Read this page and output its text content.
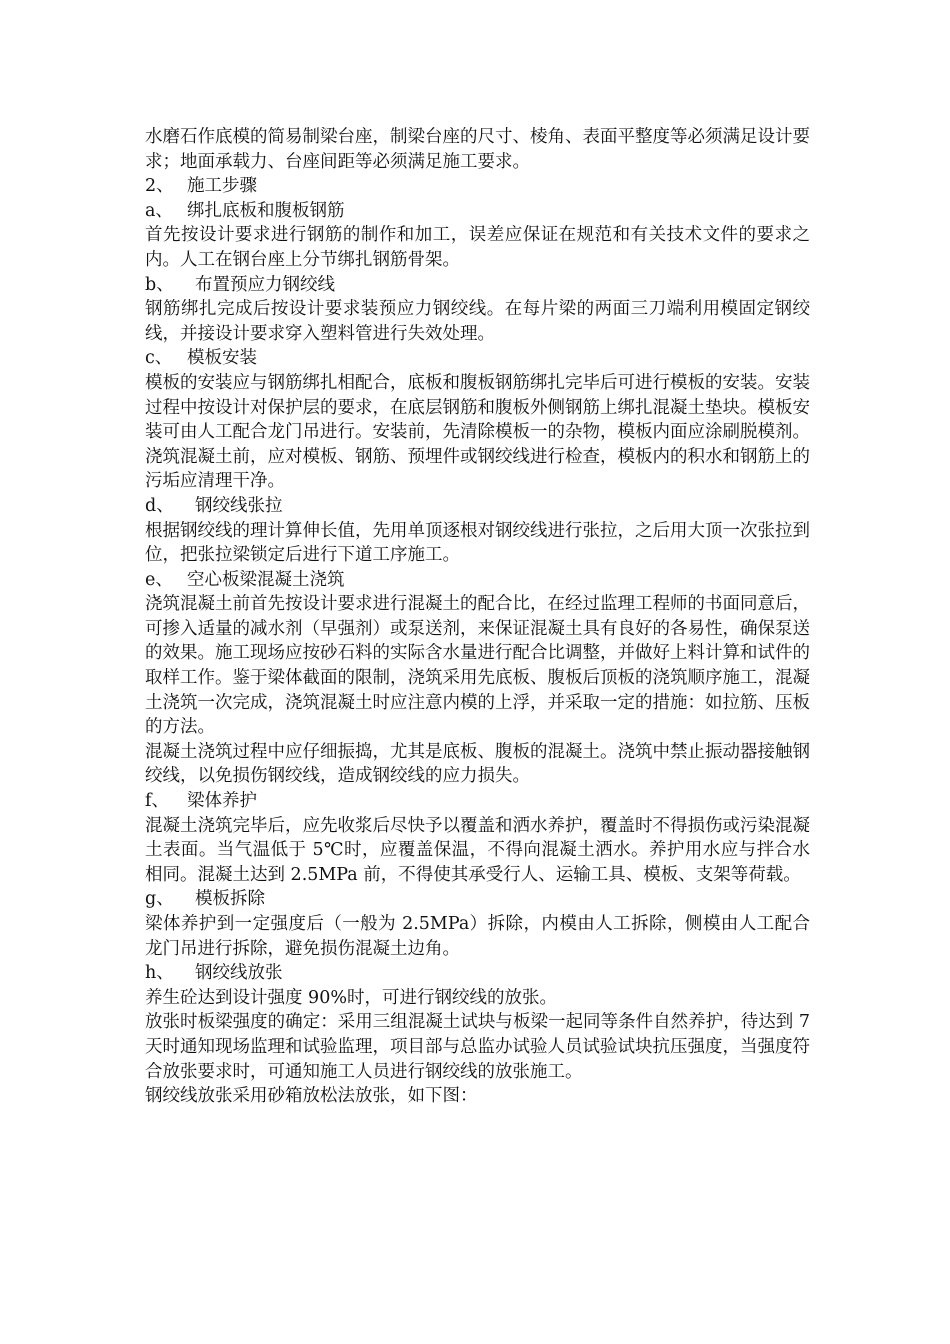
水磨石作底模的简易制梁台座，制梁台座的尺寸、棱角、表面平整度等必须满足设计要求；地面承载力、台座间距等必须满足施工要求。

2、 施工步骤

a、 绑扎底板和腹板钢筋

首先按设计要求进行钢筋的制作和加工，误差应保证在规范和有关技术文件的要求之内。人工在钢台座上分节绑扎钢筋骨架。

b、 布置预应力钢绞线

钢筋绑扎完成后按设计要求装预应力钢绞线。在每片梁的两面三刀端利用模固定钢绞线，并接设计要求穿入塑料管进行失效处理。

c、 模板安装

模板的安装应与钢筋绑扎相配合，底板和腹板钢筋绑扎完毕后可进行模板的安装。安装过程中按设计对保护层的要求，在底层钢筋和腹板外侧钢筋上绑扎混凝土垫块。模板安装可由人工配合龙门吊进行。安装前，先清除模板一的杂物，模板内面应涂刷脱模剂。浇筑混凝土前，应对模板、钢筋、预埋件或钢绞线进行检查，模板内的积水和钢筋上的污垢应清理干净。

d、 钢绞线张拉

根据钢绞线的理计算伸长值，先用单顶逐根对钢绞线进行张拉，之后用大顶一次张拉到位，把张拉梁锁定后进行下道工序施工。

e、 空心板梁混凝土浇筑

浇筑混凝土前首先按设计要求进行混凝土的配合比，在经过监理工程师的书面同意后，可掺入适量的减水剂（早强剂）或泵送剂，来保证混凝土具有良好的各易性，确保泵送的效果。施工现场应按砂石料的实际含水量进行配合比调整，并做好上料计算和试件的取样工作。鉴于梁体截面的限制，浇筑采用先底板、腹板后顶板的浇筑顺序施工，混凝土浇筑一次完成，浇筑混凝土时应注意内模的上浮，并采取一定的措施：如拉筋、压板的方法。

混凝土浇筑过程中应仔细振捣，尤其是底板、腹板的混凝土。浇筑中禁止振动器接触钢绞线，以免损伤钢绞线，造成钢绞线的应力损失。

f、 梁体养护

混凝土浇筑完毕后，应先收浆后尽快予以覆盖和洒水养护，覆盖时不得损伤或污染混凝土表面。当气温低于 5℃时，应覆盖保温，不得向混凝土洒水。养护用水应与拌合水相同。混凝土达到 2.5MPa 前，不得使其承受行人、运输工具、模板、支架等荷载。

g、 模板拆除

梁体养护到一定强度后（一般为 2.5MPa）拆除，内模由人工拆除，侧模由人工配合龙门吊进行拆除，避免损伤混凝土边角。

h、 钢绞线放张

养生砼达到设计强度 90%时，可进行钢绞线的放张。

放张时板梁强度的确定：采用三组混凝土试块与板梁一起同等条件自然养护，待达到 7 天时通知现场监理和试验监理，项目部与总监办试验人员试验试块抗压强度，当强度符合放张要求时，可通知施工人员进行钢绞线的放张施工。

钢绞线放张采用砂箱放松法放张，如下图：
